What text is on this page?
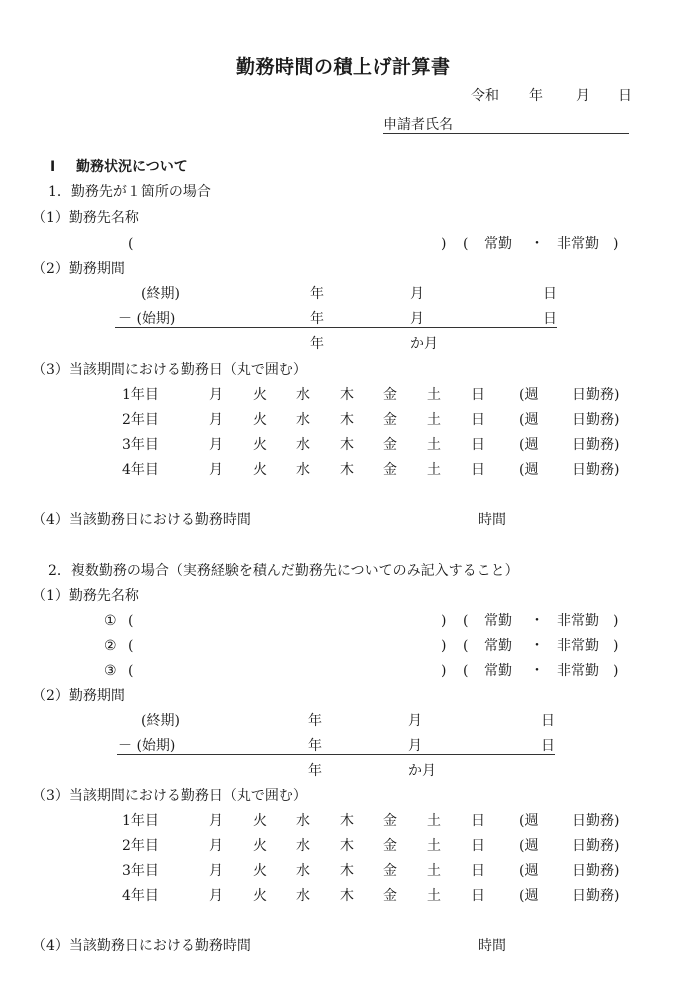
勤務時間の積上げ計算書
令和 年 月 日
申請者氏名
I 勤務状況について
1．勤務先が１箇所の場合
（1）勤務先名称
(	) ( 常勤 ・ 非常勤 )
（2）勤務期間
(終期)	年	月	日
－ (始期)	年	月	日
年	か月
（3）当該期間における勤務日（丸で囲む）
1年目	月 火 水 木 金 土 日 (週 日勤務)
2年目	月 火 水 木 金 土 日 (週 日勤務)
3年目	月 火 水 木 金 土 日 (週 日勤務)
4年目	月 火 水 木 金 土 日 (週 日勤務)
（4）当該勤務日における勤務時間	時間
2．複数勤務の場合（実務経験を積んだ勤務先についてのみ記入すること）
（1）勤務先名称
① (	) ( 常勤 ・ 非常勤 )
② (	) ( 常勤 ・ 非常勤 )
③ (	) ( 常勤 ・ 非常勤 )
（2）勤務期間
(終期)	年	月	日
－ (始期)	年	月	日
年	か月
（3）当該期間における勤務日（丸で囲む）
1年目	月 火 水 木 金 土 日 (週 日勤務)
2年目	月 火 水 木 金 土 日 (週 日勤務)
3年目	月 火 水 木 金 土 日 (週 日勤務)
4年目	月 火 水 木 金 土 日 (週 日勤務)
（4）当該勤務日における勤務時間	時間
